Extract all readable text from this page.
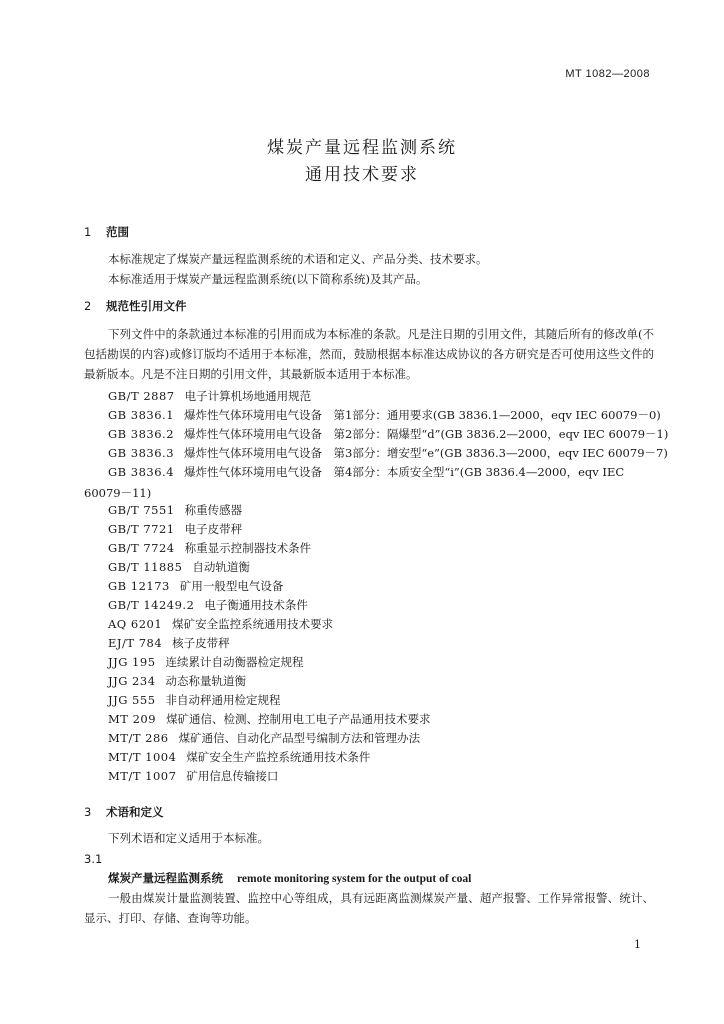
MT 1082—2008
煤炭产量远程监测系统
通用技术要求
1 范围
本标准规定了煤炭产量远程监测系统的术语和定义、产品分类、技术要求。
本标准适用于煤炭产量远程监测系统(以下简称系统)及其产品。
2 规范性引用文件
下列文件中的条款通过本标准的引用而成为本标准的条款。凡是注日期的引用文件，其随后所有的修改单(不包括勘误的内容)或修订版均不适用于本标准，然而，鼓励根据本标准达成协议的各方研究是否可使用这些文件的最新版本。凡是不注日期的引用文件，其最新版本适用于本标准。
GB/T 2887 电子计算机场地通用规范
GB 3836.1 爆炸性气体环境用电气设备　第1部分：通用要求(GB 3836.1—2000，eqv IEC 60079－0)
GB 3836.2 爆炸性气体环境用电气设备　第2部分：隔爆型“d”(GB 3836.2—2000，eqv IEC 60079－1)
GB 3836.3 爆炸性气体环境用电气设备　第3部分：增安型“e”(GB 3836.3—2000，eqv IEC 60079－7)
GB 3836.4 爆炸性气体环境用电气设备　第4部分：本质安全型“i”(GB 3836.4—2000，eqv IEC
60079－11)
GB/T 7551 称重传感器
GB/T 7721 电子皮带秤
GB/T 7724 称重显示控制器技术条件
GB/T 11885 自动轨道衡
GB 12173 矿用一般型电气设备
GB/T 14249.2 电子衡通用技术条件
AQ 6201 煤矿安全监控系统通用技术要求
EJ/T 784 核子皮带秤
JJG 195 连续累计自动衡器检定规程
JJG 234 动态称量轨道衡
JJG 555 非自动秤通用检定规程
MT 209 煤矿通信、检测、控制用电工电子产品通用技术要求
MT/T 286 煤矿通信、自动化产品型号编制方法和管理办法
MT/T 1004 煤矿安全生产监控系统通用技术条件
MT/T 1007 矿用信息传输接口
3 术语和定义
下列术语和定义适用于本标准。
3.1
煤炭产量远程监测系统 remote monitoring system for the output of coal
一般由煤炭计量监测装置、监控中心等组成，具有远距离监测煤炭产量、超产报警、工作异常报警、统计、显示、打印、存储、查询等功能。
1
